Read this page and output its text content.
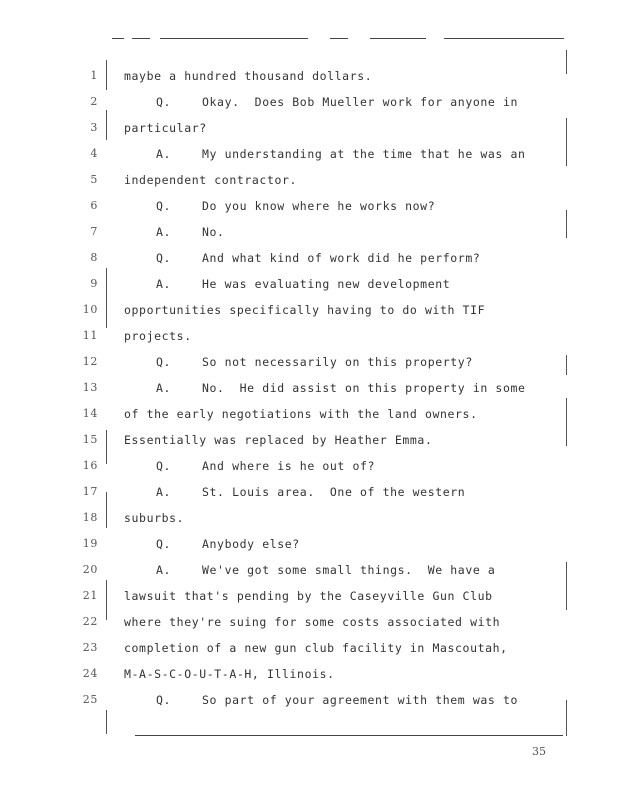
1 maybe a hundred thousand dollars.
2	Q.	Okay.  Does Bob Mueller work for anyone in
3 particular?
4	A.	My understanding at the time that he was an
5 independent contractor.
6	Q.	Do you know where he works now?
7	A.	No.
8	Q.	And what kind of work did he perform?
9	A.	He was evaluating new development
10 opportunities specifically having to do with TIF
11 projects.
12	Q.	So not necessarily on this property?
13	A.	No.  He did assist on this property in some
14 of the early negotiations with the land owners.
15 Essentially was replaced by Heather Emma.
16	Q.	And where is he out of?
17	A.	St. Louis area.  One of the western
18 suburbs.
19	Q.	Anybody else?
20	A.	We've got some small things.  We have a
21 lawsuit that's pending by the Caseyville Gun Club
22 where they're suing for some costs associated with
23 completion of a new gun club facility in Mascoutah,
24 M-A-S-C-O-U-T-A-H, Illinois.
25	Q.	So part of your agreement with them was to
35
